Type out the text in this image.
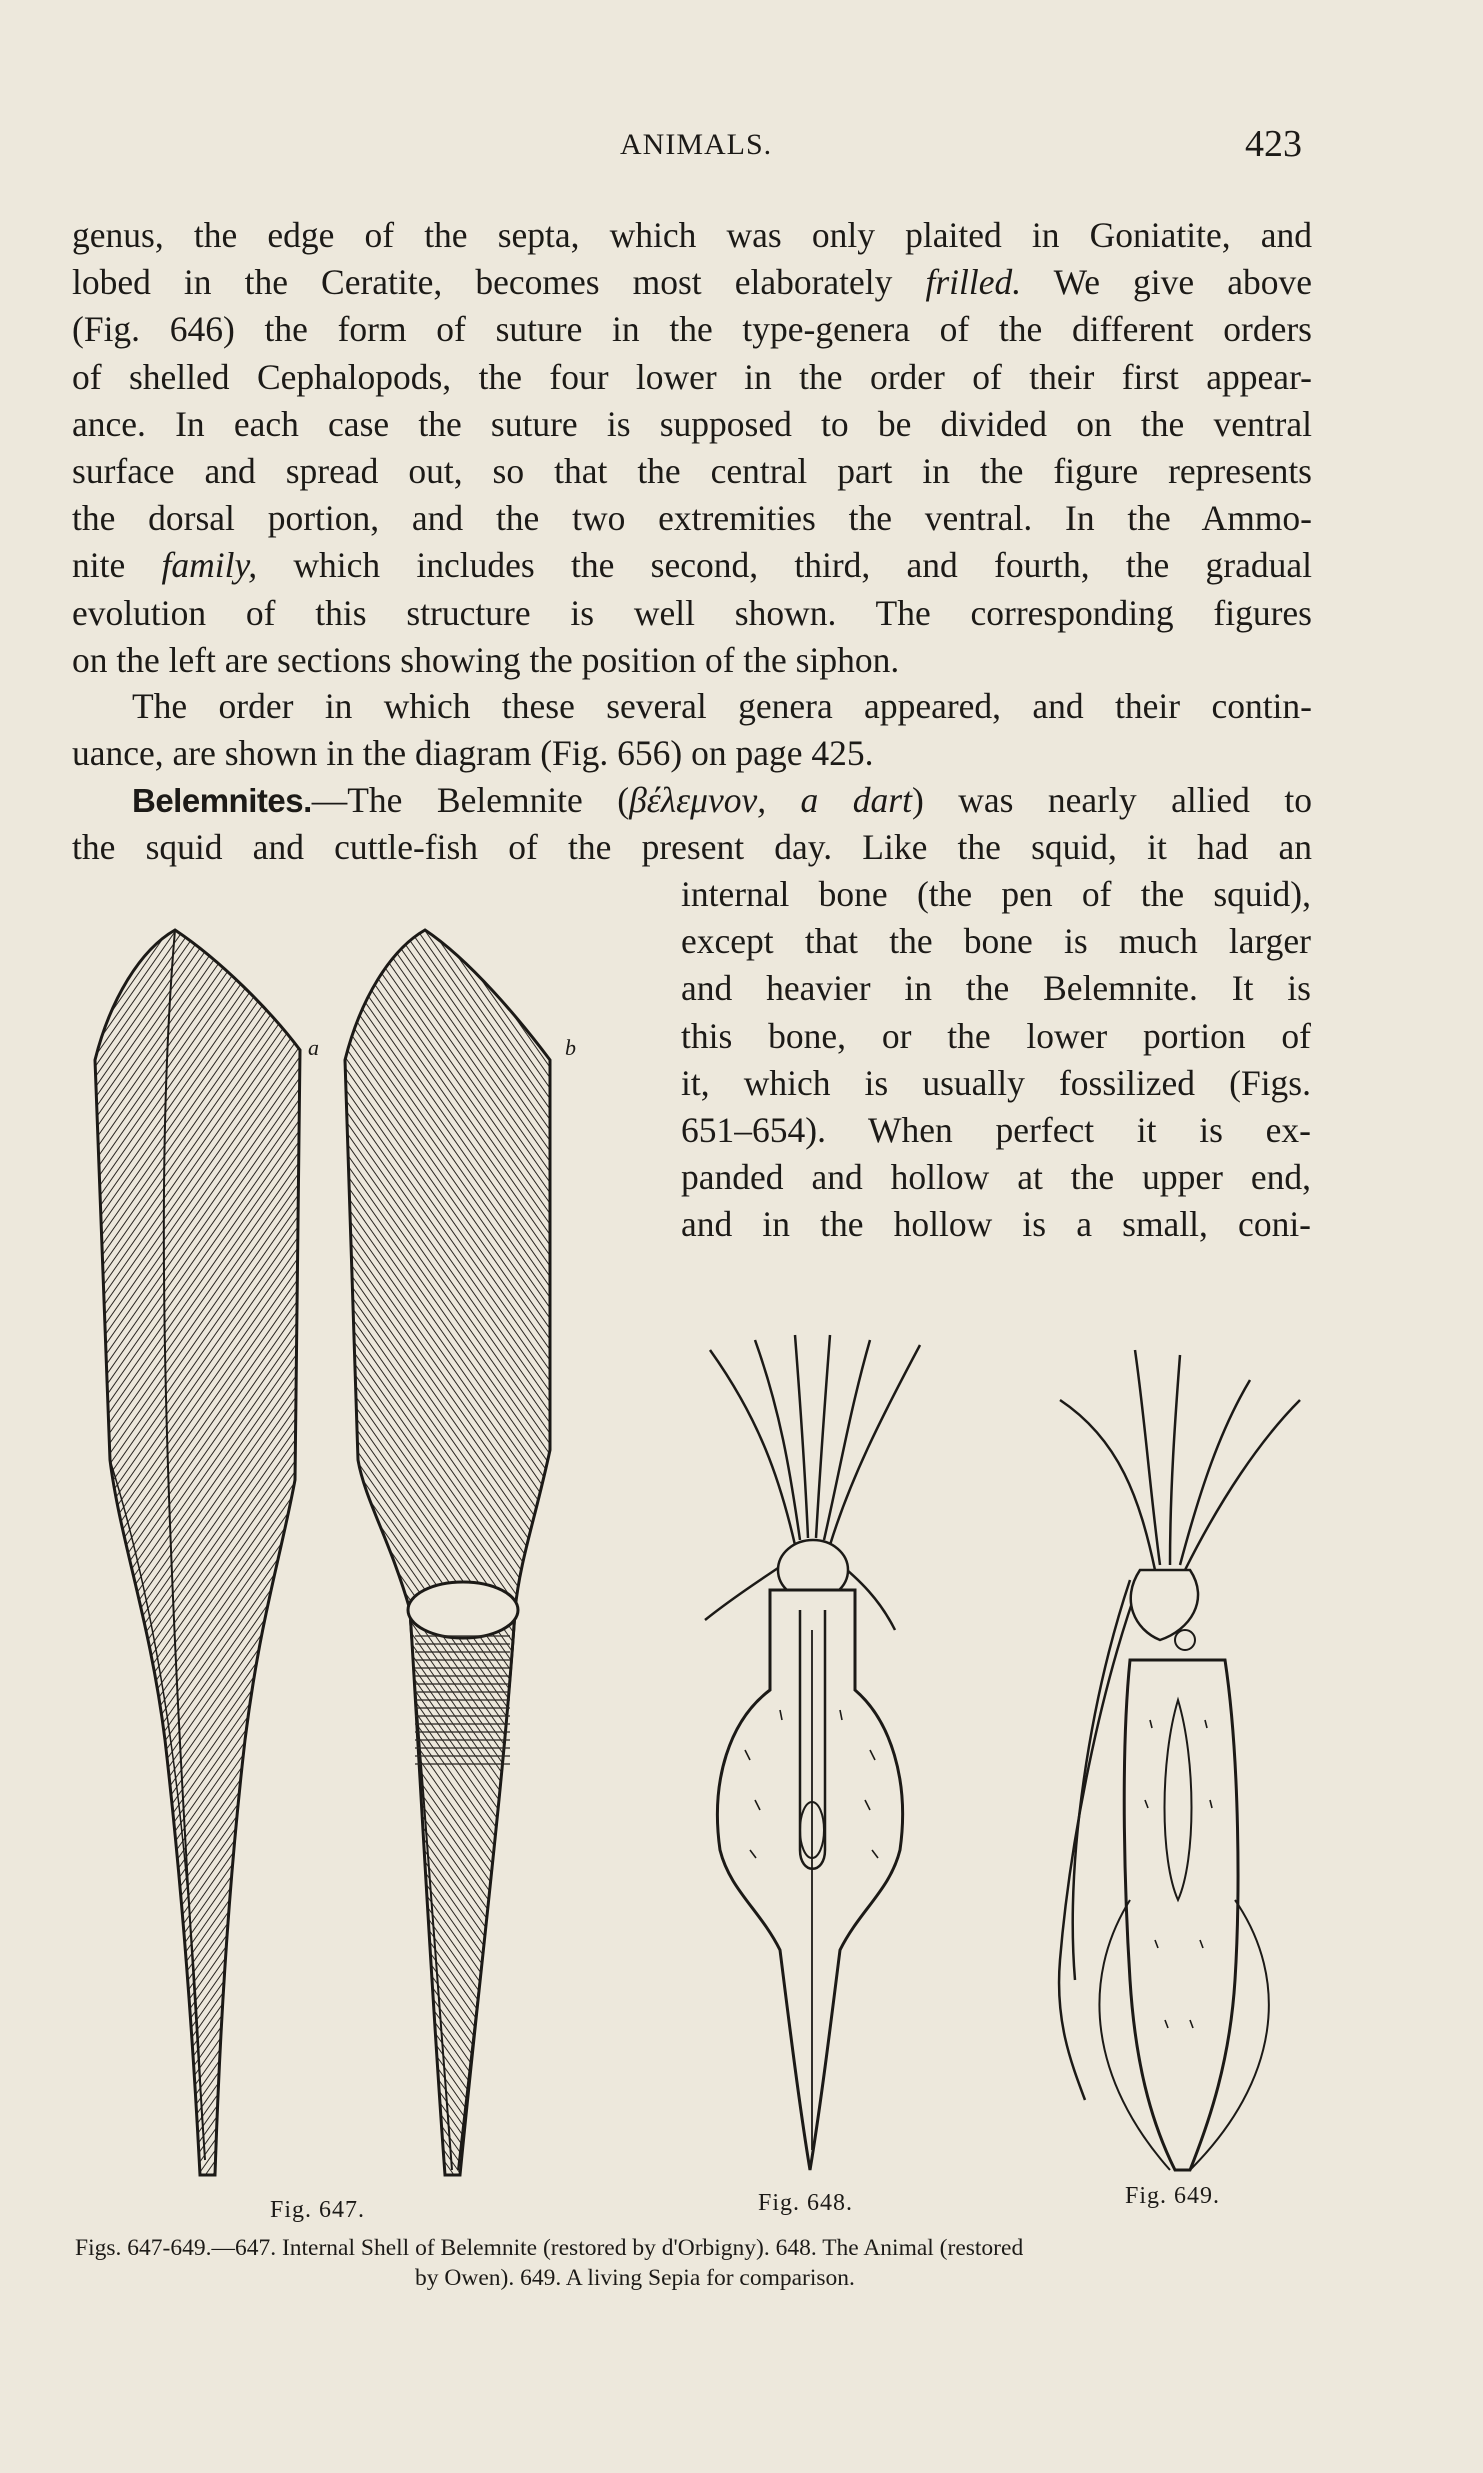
ANIMALS.	423
genus, the edge of the septa, which was only plaited in Goniatite, and
lobed in the Ceratite, becomes most elaborately frilled. We give above
(Fig. 646) the form of suture in the type-genera of the different orders
of shelled Cephalopods, the four lower in the order of their first appear-
ance. In each case the suture is supposed to be divided on the ventral
surface and spread out, so that the central part in the figure represents
the dorsal portion, and the two extremities the ventral. In the Ammo-
nite family, which includes the second, third, and fourth, the gradual
evolution of this structure is well shown. The corresponding figures
on the left are sections showing the position of the siphon.
The order in which these several genera appeared, and their contin-
uance, are shown in the diagram (Fig. 656) on page 425.
Belemnites.—The Belemnite (βέλεμνον, a dart) was nearly allied to
the squid and cuttle-fish of the present day. Like the squid, it had an
internal bone (the pen of the squid),
except that the bone is much larger
and heavier in the Belemnite. It is
this bone, or the lower portion of
it, which is usually fossilized (Figs.
651–654). When perfect it is ex-
panded and hollow at the upper end,
and in the hollow is a small, coni-
a	b
Fig. 647.	Fig. 648.	Fig. 649.
Figs. 647-649.—647. Internal Shell of Belemnite (restored by d'Orbigny). 648. The Animal (restored
by Owen). 649. A living Sepia for comparison.
